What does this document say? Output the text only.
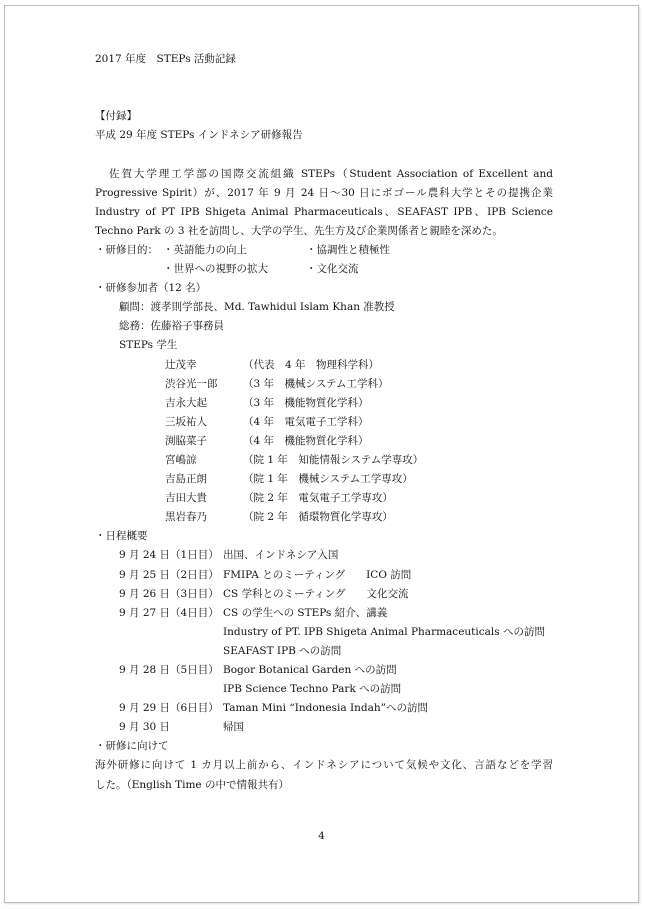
2017 年度　STEPs 活動記録
【付録】
平成 29 年度 STEPs インドネシア研修報告
佐賀大学理工学部の国際交流組織 STEPs（Student Association of Excellent and
Progressive Spirit）が、2017 年 9 月 24 日～30 日にボゴール農科大学とその提携企業
Industry of PT IPB Shigeta Animal Pharmaceuticals、SEAFAST IPB、IPB Science
Techno Park の 3 社を訪問し、大学の学生、先生方及び企業関係者と親睦を深めた。
・研修目的： ・英語能力の向上	・協調性と積極性
・世界への視野の拡大	・文化交流
・研修参加者（12 名）
顧問：渡孝則学部長、Md. Tawhidul Islam Khan 准教授
総務：佐藤裕子事務員
STEPs 学生
辻茂幸	（代表　4 年　物理科学科）
渋谷光一郎 （3 年　機械システム工学科）
吉永大起	（3 年　機能物質化学科）
三坂祐人	（4 年　電気電子工学科）
渕脇菜子	（4 年　機能物質化学科）
宮嶋諒	（院 1 年　知能情報システム学専攻）
吉島正朗	（院 1 年　機械システム工学専攻）
吉田大貴	（院 2 年　電気電子工学専攻）
黒岩春乃	（院 2 年　循環物質化学専攻）
・日程概要
9 月 24 日（1日目） 出国、インドネシア入国
9 月 25 日（2日目） FMIPA とのミーティング　　ICO 訪問
9 月 26 日（3日目） CS 学科とのミーティング　　文化交流
9 月 27 日（4日目） CS の学生への STEPs 紹介、講義
Industry of PT. IPB Shigeta Animal Pharmaceuticals への訪問
SEAFAST IPB への訪問
9 月 28 日（5日目） Bogor Botanical Garden への訪問
IPB Science Techno Park への訪問
9 月 29 日（6日目） Taman Mini “Indonesia Indah”への訪問
9 月 30 日	帰国
・研修に向けて
海外研修に向けて 1 カ月以上前から、インドネシアについて気候や文化、言語などを学習
した。（English Time の中で情報共有）
4
